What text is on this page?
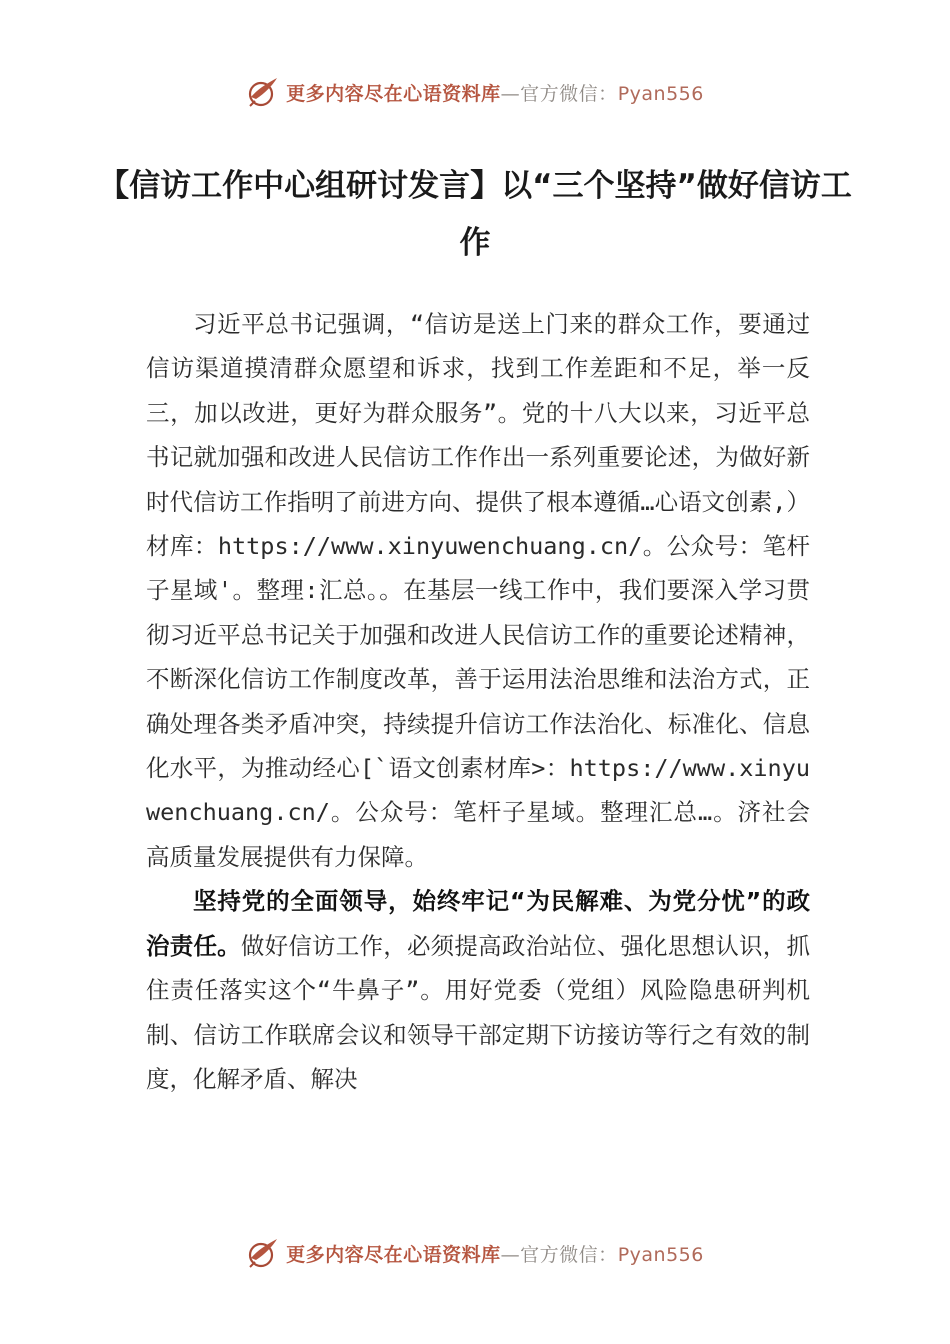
更多内容尽在心语资料库—官方微信：Pyan556
【信访工作中心组研讨发言】以“三个坚持”做好信访工作

习近平总书记强调，“信访是送上门来的群众工作，要通过信访渠道摸清群众愿望和诉求，找到工作差距和不足，举一反三，加以改进，更好为群众服务”。党的十八大以来，习近平总书记就加强和改进人民信访工作作出一系列重要论述，为做好新时代信访工作指明了前进方向、提供了根本遵循…心语文创素,）材库：https://www.xinyuwenchuang.cn/。公众号：笔杆子星域'。整理:汇总。。在基层一线工作中，我们要深入学习贯彻习近平总书记关于加强和改进人民信访工作的重要论述精神，不断深化信访工作制度改革，善于运用法治思维和法治方式，正确处理各类矛盾冲突，持续提升信访工作法治化、标准化、信息化水平，为推动经心[`语文创素材库>：https://www.xinyuwenchuang.cn/。公众号：笔杆子星域。整理汇总…。济社会高质量发展提供有力保障。

坚持党的全面领导，始终牢记“为民解难、为党分忧”的政治责任。做好信访工作，必须提高政治站位、强化思想认识，抓住责任落实这个“牛鼻子”。用好党委（党组）风险隐患研判机制、信访工作联席会议和领导干部定期下访接访等行之有效的制度，化解矛盾、解决

更多内容尽在心语资料库—官方微信：Pyan556
